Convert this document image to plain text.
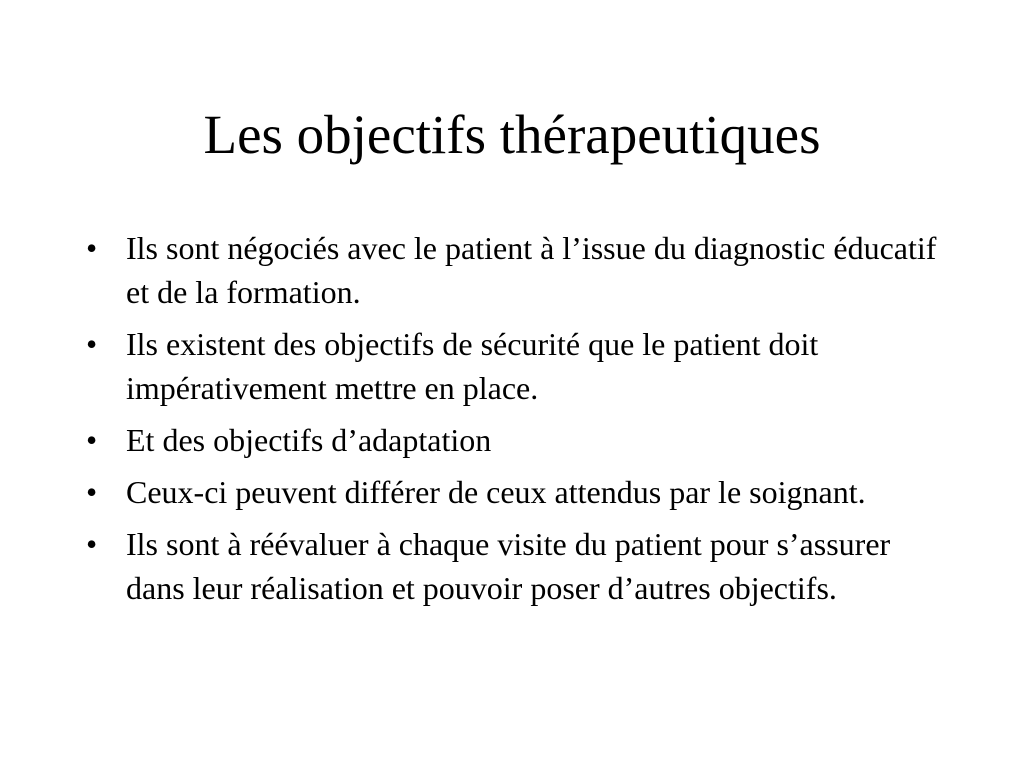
Les objectifs thérapeutiques
• Ils sont négociés avec le patient à l’issue du diagnostic éducatif et de la formation.
• Ils existent des objectifs de sécurité que le patient doit impérativement mettre en place.
• Et des objectifs d’adaptation
• Ceux-ci peuvent différer de ceux attendus par le soignant.
• Ils sont à réévaluer à chaque visite du patient pour s’assurer dans leur réalisation et pouvoir poser d’autres objectifs.
